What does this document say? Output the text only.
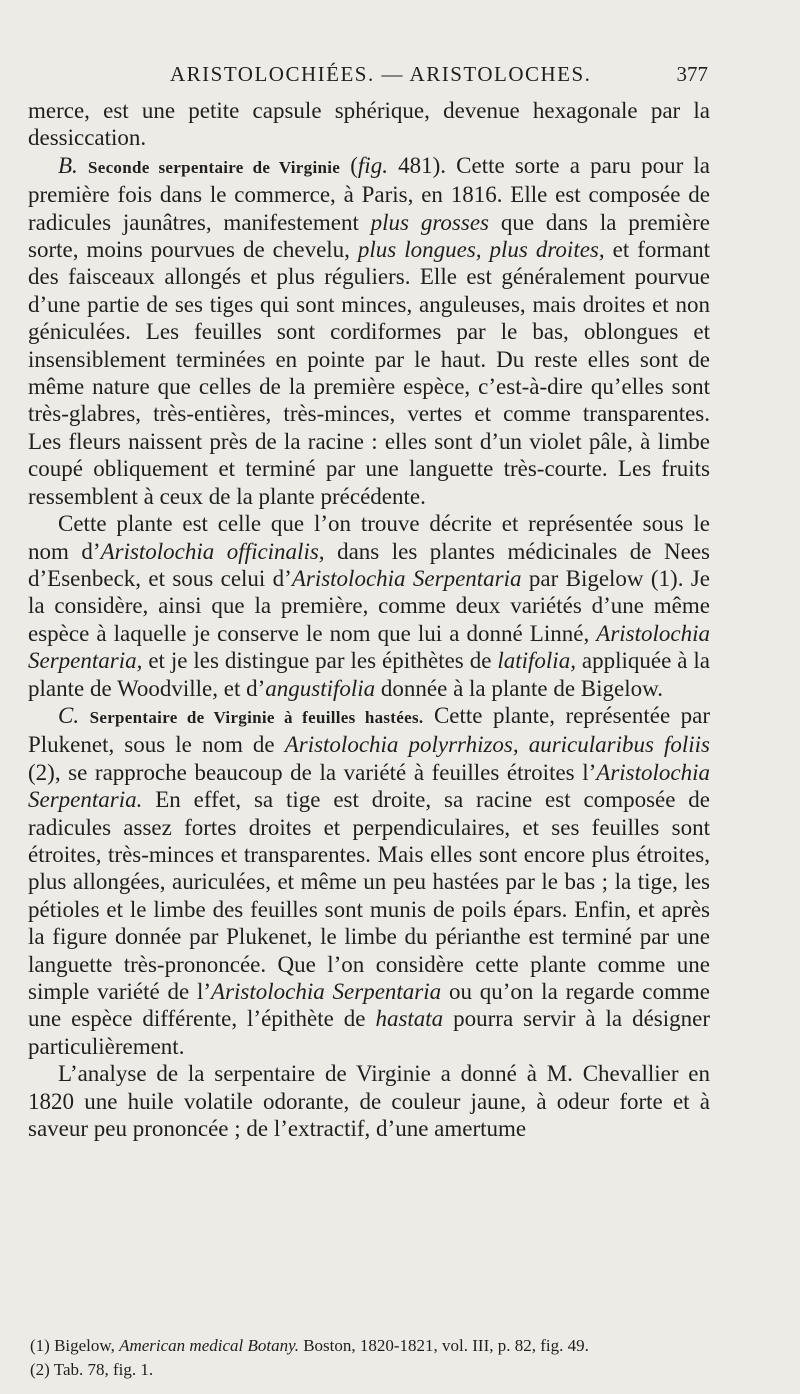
ARISTOLOCHIÉES. — ARISTOLOCHES.	377

merce, est une petite capsule sphérique, devenue hexagonale par la dessiccation.

B. Seconde serpentaire de Virginie (fig. 481). Cette sorte a paru pour la première fois dans le commerce, à Paris, en 1816. Elle est composée de radicules jaunâtres, manifestement plus grosses que dans la première sorte, moins pourvues de chevelu, plus longues, plus droites, et formant des faisceaux allongés et plus réguliers. Elle est généralement pourvue d’une partie de ses tiges qui sont minces, anguleuses, mais droites et non géniculées. Les feuilles sont cordiformes par le bas, oblongues et insensiblement terminées en pointe par le haut. Du reste elles sont de même nature que celles de la première espèce, c’est-à-dire qu’elles sont très-glabres, très-entières, très-minces, vertes et comme transparentes. Les fleurs naissent près de la racine : elles sont d’un violet pâle, à limbe coupé obliquement et terminé par une languette très-courte. Les fruits ressemblent à ceux de la plante précédente.

Cette plante est celle que l’on trouve décrite et représentée sous le nom d’Aristolochia officinalis, dans les plantes médicinales de Nees d’Esenbeck, et sous celui d’Aristolochia Serpentaria par Bigelow (1). Je la considère, ainsi que la première, comme deux variétés d’une même espèce à laquelle je conserve le nom que lui a donné Linné, Aristolochia Serpentaria, et je les distingue par les épithètes de latifolia, appliquée à la plante de Woodville, et d’angustifolia donnée à la plante de Bigelow.

C. Serpentaire de Virginie à feuilles hastées. Cette plante, représentée par Plukenet, sous le nom de Aristolochia polyrrhizos, auricularibus foliis (2), se rapproche beaucoup de la variété à feuilles étroites l’Aristolochia Serpentaria. En effet, sa tige est droite, sa racine est composée de radicules assez fortes droites et perpendiculaires, et ses feuilles sont étroites, très-minces et transparentes. Mais elles sont encore plus étroites, plus allongées, auriculées, et même un peu hastées par le bas ; la tige, les pétioles et le limbe des feuilles sont munis de poils épars. Enfin, et après la figure donnée par Plukenet, le limbe du périanthe est terminé par une languette très-prononcée. Que l’on considère cette plante comme une simple variété de l’Aristolochia Serpentaria ou qu’on la regarde comme une espèce différente, l’épithète de hastata pourra servir à la désigner particulièrement.

L’analyse de la serpentaire de Virginie a donné à M. Chevallier en 1820 une huile volatile odorante, de couleur jaune, à odeur forte et à saveur peu prononcée ; de l’extractif, d’une amertume

(1) Bigelow, American medical Botany. Boston, 1820-1821, vol. III, p. 82, fig. 49.

(2) Tab. 78, fig. 1.
